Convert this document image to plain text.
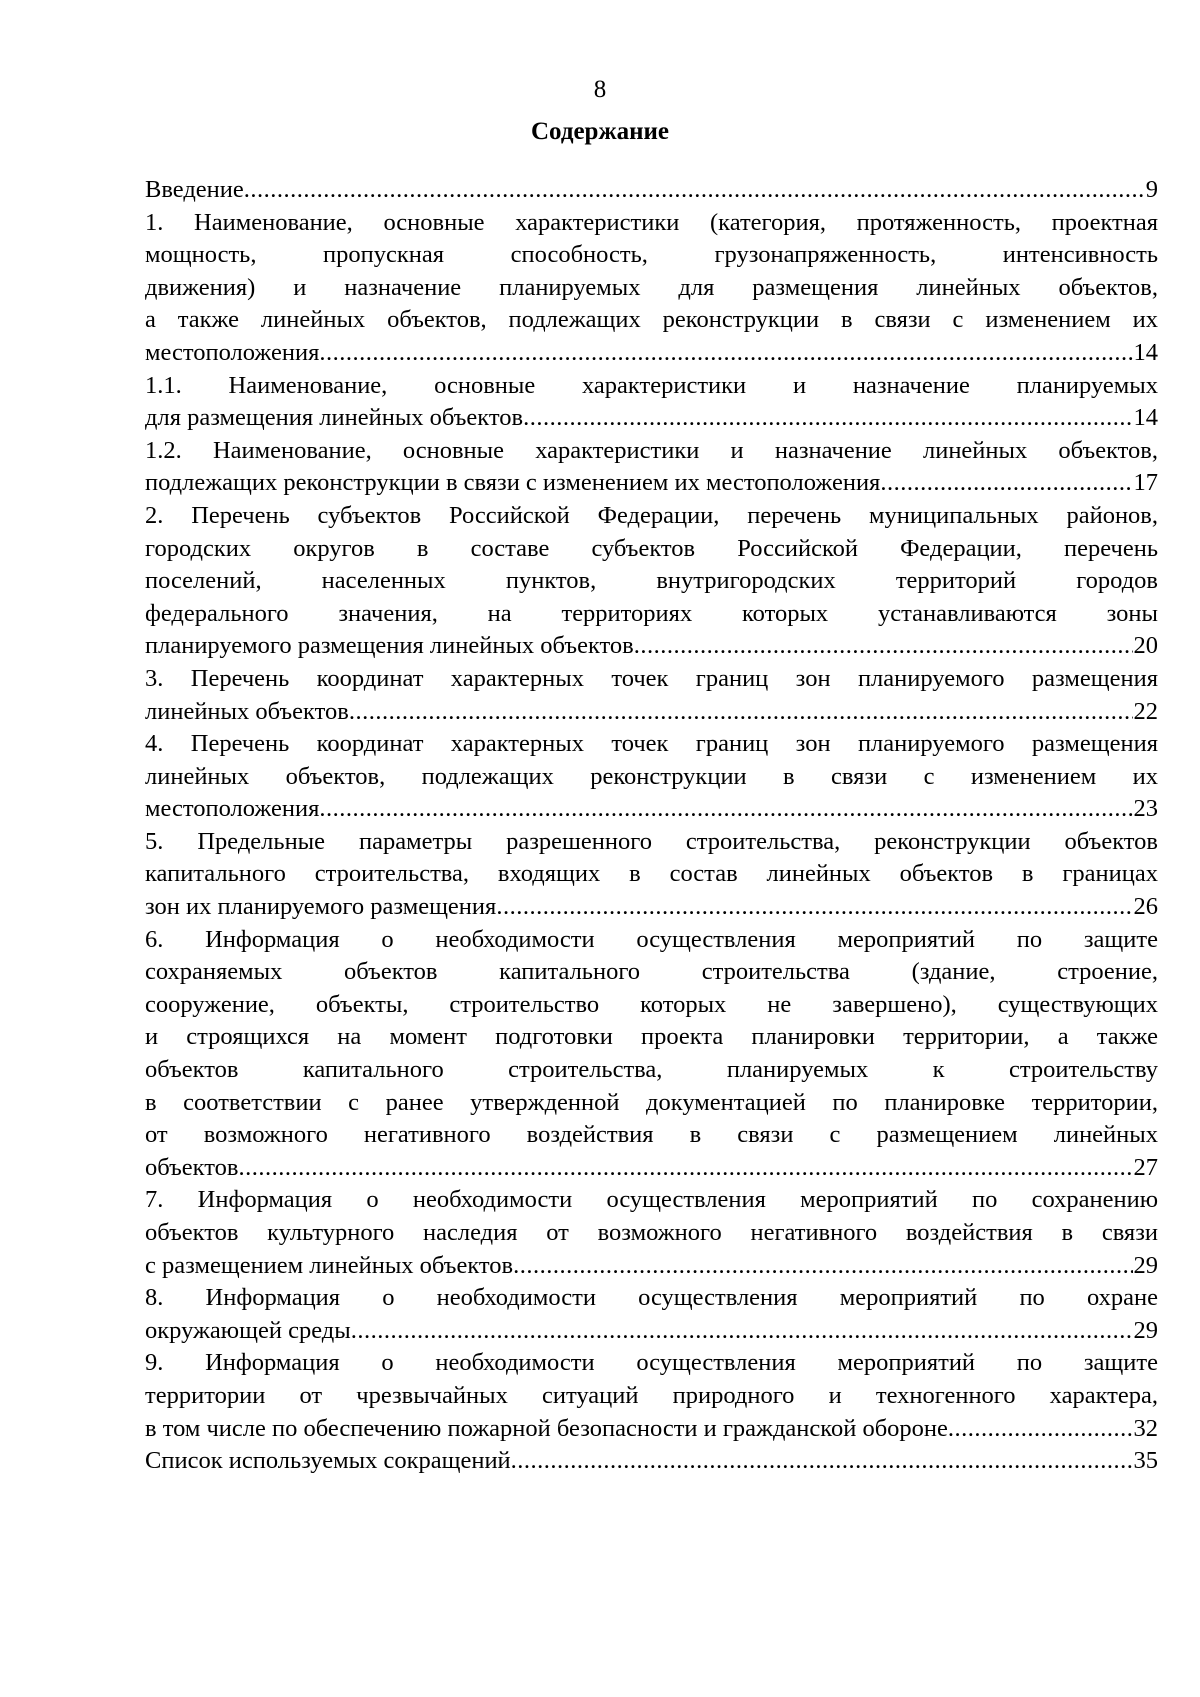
8
Содержание
Введение .....	9
1. Наименование, основные характеристики (категория, протяженность, проектная
мощность, пропускная способность, грузонапряженность, интенсивность
движения) и назначение планируемых для размещения линейных объектов,
а также линейных объектов, подлежащих реконструкции в связи с изменением их
местоположения .....	14
1.1. Наименование, основные характеристики и назначение планируемых
для размещения линейных объектов .....	14
1.2. Наименование, основные характеристики и назначение линейных объектов,
подлежащих реконструкции в связи с изменением их местоположения .....	17
2. Перечень субъектов Российской Федерации, перечень муниципальных районов,
городских округов в составе субъектов Российской Федерации, перечень
поселений, населенных пунктов, внутригородских территорий городов
федерального значения, на территориях которых устанавливаются зоны
планируемого размещения линейных объектов .....	20
3. Перечень координат характерных точек границ зон планируемого размещения
линейных объектов .....	22
4. Перечень координат характерных точек границ зон планируемого размещения
линейных объектов, подлежащих реконструкции в связи с изменением их
местоположения .....	23
5. Предельные параметры разрешенного строительства, реконструкции объектов
капитального строительства, входящих в состав линейных объектов в границах
зон их планируемого размещения .....	26
6. Информация о необходимости осуществления мероприятий по защите
сохраняемых объектов капитального строительства (здание, строение,
сооружение, объекты, строительство которых не завершено), существующих
и строящихся на момент подготовки проекта планировки территории, а также
объектов капитального строительства, планируемых к строительству
в соответствии с ранее утвержденной документацией по планировке территории,
от возможного негативного воздействия в связи с размещением линейных
объектов .....	27
7. Информация о необходимости осуществления мероприятий по сохранению
объектов культурного наследия от возможного негативного воздействия в связи
с размещением линейных объектов .....	29
8. Информация о необходимости осуществления мероприятий по охране
окружающей среды .....	29
9. Информация о необходимости осуществления мероприятий по защите
территории от чрезвычайных ситуаций природного и техногенного характера,
в том числе по обеспечению пожарной безопасности и гражданской обороне .....	32
Список используемых сокращений .....	35
